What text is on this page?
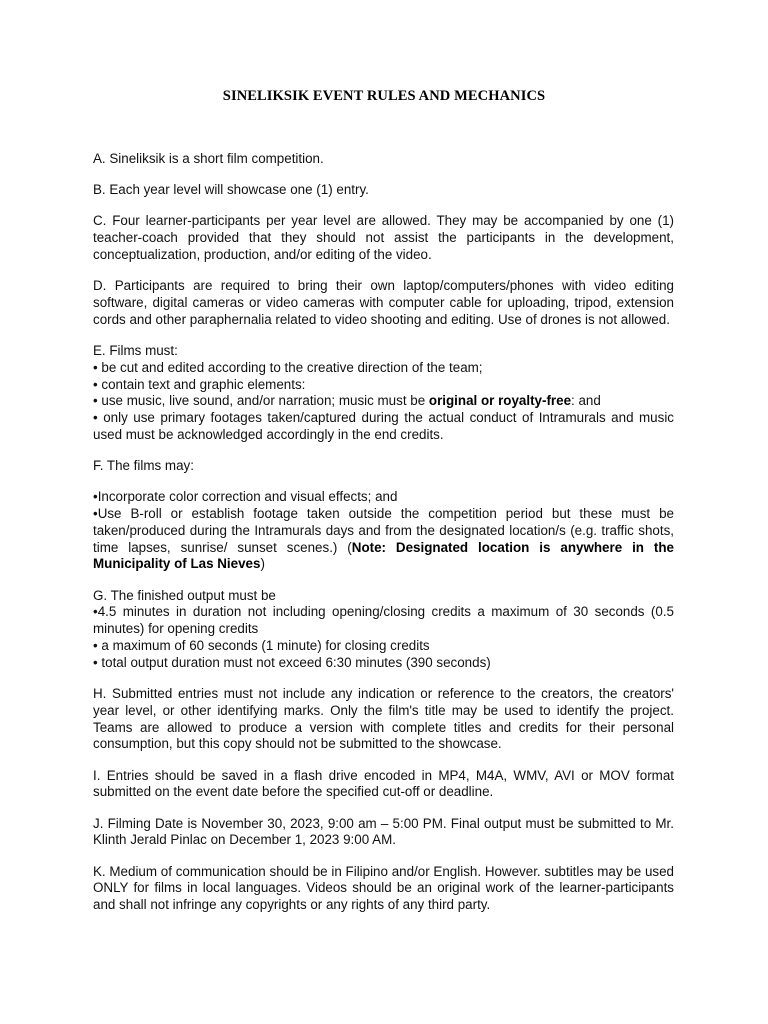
SINELIKSIK EVENT RULES AND MECHANICS

A. Sineliksik is a short film competition.

B. Each year level will showcase one (1) entry.

C. Four learner-participants per year level are allowed. They may be accompanied by one (1) teacher-coach provided that they should not assist the participants in the development, conceptualization, production, and/or editing of the video.

D. Participants are required to bring their own laptop/computers/phones with video editing software, digital cameras or video cameras with computer cable for uploading, tripod, extension cords and other paraphernalia related to video shooting and editing. Use of drones is not allowed.

E. Films must:

• be cut and edited according to the creative direction of the team;

• contain text and graphic elements:

• use music, live sound, and/or narration; music must be original or royalty-free: and

• only use primary footages taken/captured during the actual conduct of Intramurals and music used must be acknowledged accordingly in the end credits.

F. The films may:

•Incorporate color correction and visual effects; and

•Use B-roll or establish footage taken outside the competition period but these must be taken/produced during the Intramurals days and from the designated location/s (e.g. traffic shots, time lapses, sunrise/ sunset scenes.) (Note: Designated location is anywhere in the Municipality of Las Nieves)

G. The finished output must be

•4.5 minutes in duration not including opening/closing credits a maximum of 30 seconds (0.5 minutes) for opening credits

• a maximum of 60 seconds (1 minute) for closing credits

• total output duration must not exceed 6:30 minutes (390 seconds)

H. Submitted entries must not include any indication or reference to the creators, the creators' year level, or other identifying marks. Only the film's title may be used to identify the project. Teams are allowed to produce a version with complete titles and credits for their personal consumption, but this copy should not be submitted to the showcase.

I. Entries should be saved in a flash drive encoded in MP4, M4A, WMV, AVI or MOV format submitted on the event date before the specified cut-off or deadline.

J. Filming Date is November 30, 2023, 9:00 am – 5:00 PM. Final output must be submitted to Mr. Klinth Jerald Pinlac on December 1, 2023 9:00 AM.

K. Medium of communication should be in Filipino and/or English. However. subtitles may be used ONLY for films in local languages. Videos should be an original work of the learner-participants and shall not infringe any copyrights or any rights of any third party.
